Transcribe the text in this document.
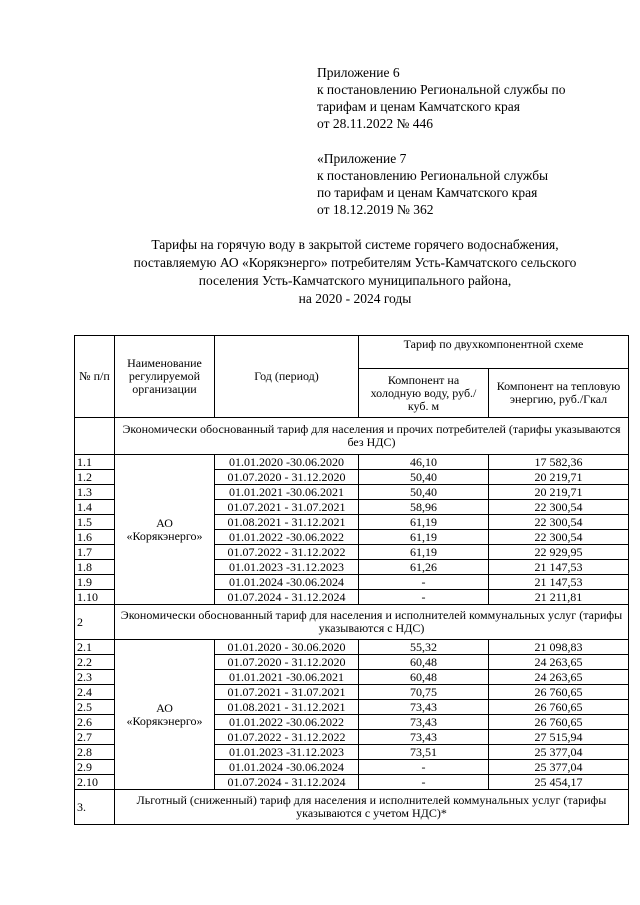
Приложение 6
к постановлению Региональной службы по
тарифам и ценам Камчатского края
от 28.11.2022 № 446
«Приложение 7
к постановлению Региональной службы
по тарифам и ценам Камчатского края
от 18.12.2019 № 362
Тарифы на горячую воду в закрытой системе горячего водоснабжения,
поставляемую АО «Корякэнерго» потребителям Усть-Камчатского сельского
поселения Усть-Камчатского муниципального района,
на 2020 - 2024 годы
№ п/п	Наименование регулируемой организации	Год (период)	Тариф по двухкомпонентной схеме	
			Компонент на холодную воду, руб./куб. м	Компонент на тепловую энергию, руб./Гкал
	Экономически обоснованный тариф для населения и прочих потребителей (тарифы указываются без НДС)			
1.1	АО «Корякэнерго»	01.01.2020 -30.06.2020	46,10	17 582,36
1.2		01.07.2020 - 31.12.2020	50,40	20 219,71
1.3		01.01.2021 -30.06.2021	50,40	20 219,71
1.4		01.07.2021 - 31.07.2021	58,96	22 300,54
1.5		01.08.2021 - 31.12.2021	61,19	22 300,54
1.6		01.01.2022 -30.06.2022	61,19	22 300,54
1.7		01.07.2022 - 31.12.2022	61,19	22 929,95
1.8		01.01.2023 -31.12.2023	61,26	21 147,53
1.9		01.01.2024 -30.06.2024	-	21 147,53
1.10		01.07.2024 - 31.12.2024	-	21 211,81
2	Экономически обоснованный тариф для населения и исполнителей коммунальных услуг (тарифы указываются с НДС)			
2.1	АО «Корякэнерго»	01.01.2020 - 30.06.2020	55,32	21 098,83
2.2		01.07.2020 - 31.12.2020	60,48	24 263,65
2.3		01.01.2021 -30.06.2021	60,48	24 263,65
2.4		01.07.2021 - 31.07.2021	70,75	26 760,65
2.5		01.08.2021 - 31.12.2021	73,43	26 760,65
2.6		01.01.2022 -30.06.2022	73,43	26 760,65
2.7		01.07.2022 - 31.12.2022	73,43	27 515,94
2.8		01.01.2023 -31.12.2023	73,51	25 377,04
2.9		01.01.2024 -30.06.2024	-	25 377,04
2.10		01.07.2024 - 31.12.2024	-	25 454,17
3.	Льготный (сниженный) тариф для населения и исполнителей коммунальных услуг (тарифы указываются с учетом НДС)*			
